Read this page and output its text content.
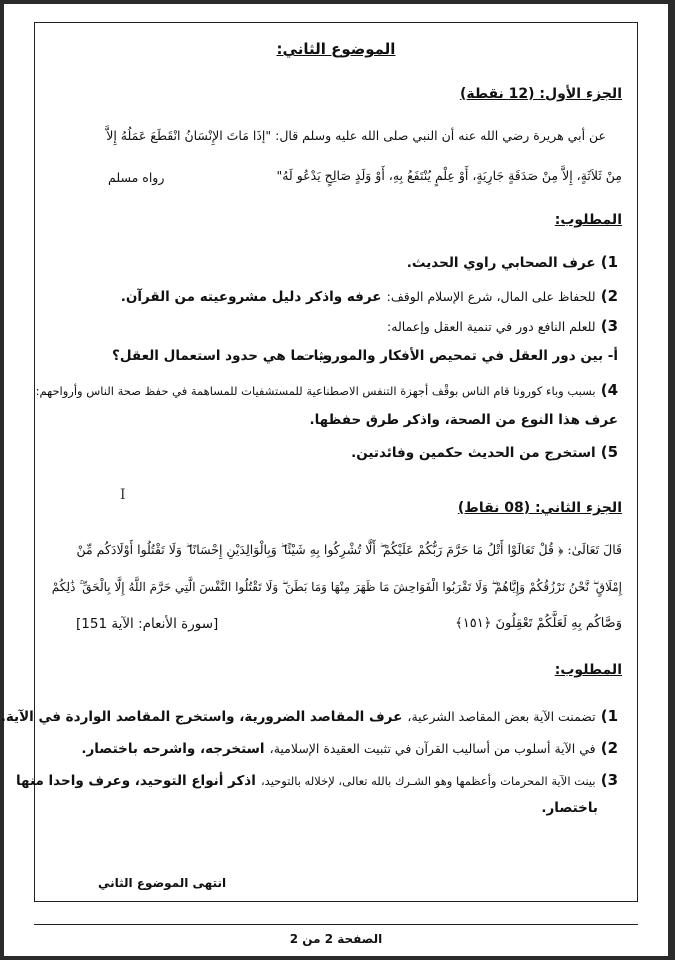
الموضوع الثاني:
الجزء الأول: (12 نقطة)
عن أبي هريرة رضي الله عنه أن النبي صلى الله عليه وسلم قال: "إذَا مَاتَ الإِنْسَانُ انْقَطَعَ عَمَلُهُ إِلاَّ
مِنْ ثَلاَثَةٍ، إِلاَّ مِنْ صَدَقَةٍ جَارِيَةٍ، أَوْ عِلْمٍ يُنْتَفَعُ بِهِ، أَوْ وَلَدٍ صَالِحٍ يَدْعُو لَهُ"
رواه مسلم
المطلوب:
1) عرف الصحابي راوي الحديث.
2) للحفاظ على المال، شرع الإسلام الوقف: عرفه واذكر دليل مشروعيته من القرآن.
3) للعلم النافع دور في تنمية العقل وإعماله:
أ- بين دور العقل في تمحيص الأفكار والموروثات
ب- ما هي حدود استعمال العقل؟
4) بسبب وباء كورونا قام الناس بوقْف أجهزة التنفس الاصطناعية للمستشفيات للمساهمة في حفظ صحة الناس وأرواحهم:
عرف هذا النوع من الصحة، واذكر طرق حفظها.
5) استخرج من الحديث حكمين وفائدتين.
I
الجزء الثاني: (08 نقاط)
قَالَ تَعَالَىٰ: ﴿ قُلْ تَعَالَوْا أَتْلُ مَا حَرَّمَ رَبُّكُمْ عَلَيْكُمْ ۖ أَلَّا تُشْرِكُوا بِهِ شَيْئًا ۖ وَبِالْوَالِدَيْنِ إِحْسَانًا ۖ وَلَا تَقْتُلُوا أَوْلَادَكُم مِّنْ
إِمْلَاقٍ ۖ نَّحْنُ نَرْزُقُكُمْ وَإِيَّاهُمْ ۖ وَلَا تَقْرَبُوا الْفَوَاحِشَ مَا ظَهَرَ مِنْهَا وَمَا بَطَنَ ۖ وَلَا تَقْتُلُوا النَّفْسَ الَّتِي حَرَّمَ اللَّهُ إِلَّا بِالْحَقِّ ۚ ذَٰلِكُمْ
وَصَّاكُم بِهِ لَعَلَّكُمْ تَعْقِلُونَ ﴿١٥١﴾
[سورة الأنعام: الآية 151]
المطلوب:
1) تضمنت الآية بعض المقاصد الشرعية، عرف المقاصد الضرورية، واستخرج المقاصد الواردة في الآية.
2) في الآية أسلوب من أساليب القرآن في تثبيت العقيدة الإسلامية، استخرجه، واشرحه باختصار.
3) بينت الآية المحرمات وأعظمها وهو الشـرك بالله تعالى، لإخلاله بالتوحيد، اذكر أنواع التوحيد، وعرف واحدا منها
باختصار.
انتهى الموضوع الثاني
الصفحة 2 من 2
